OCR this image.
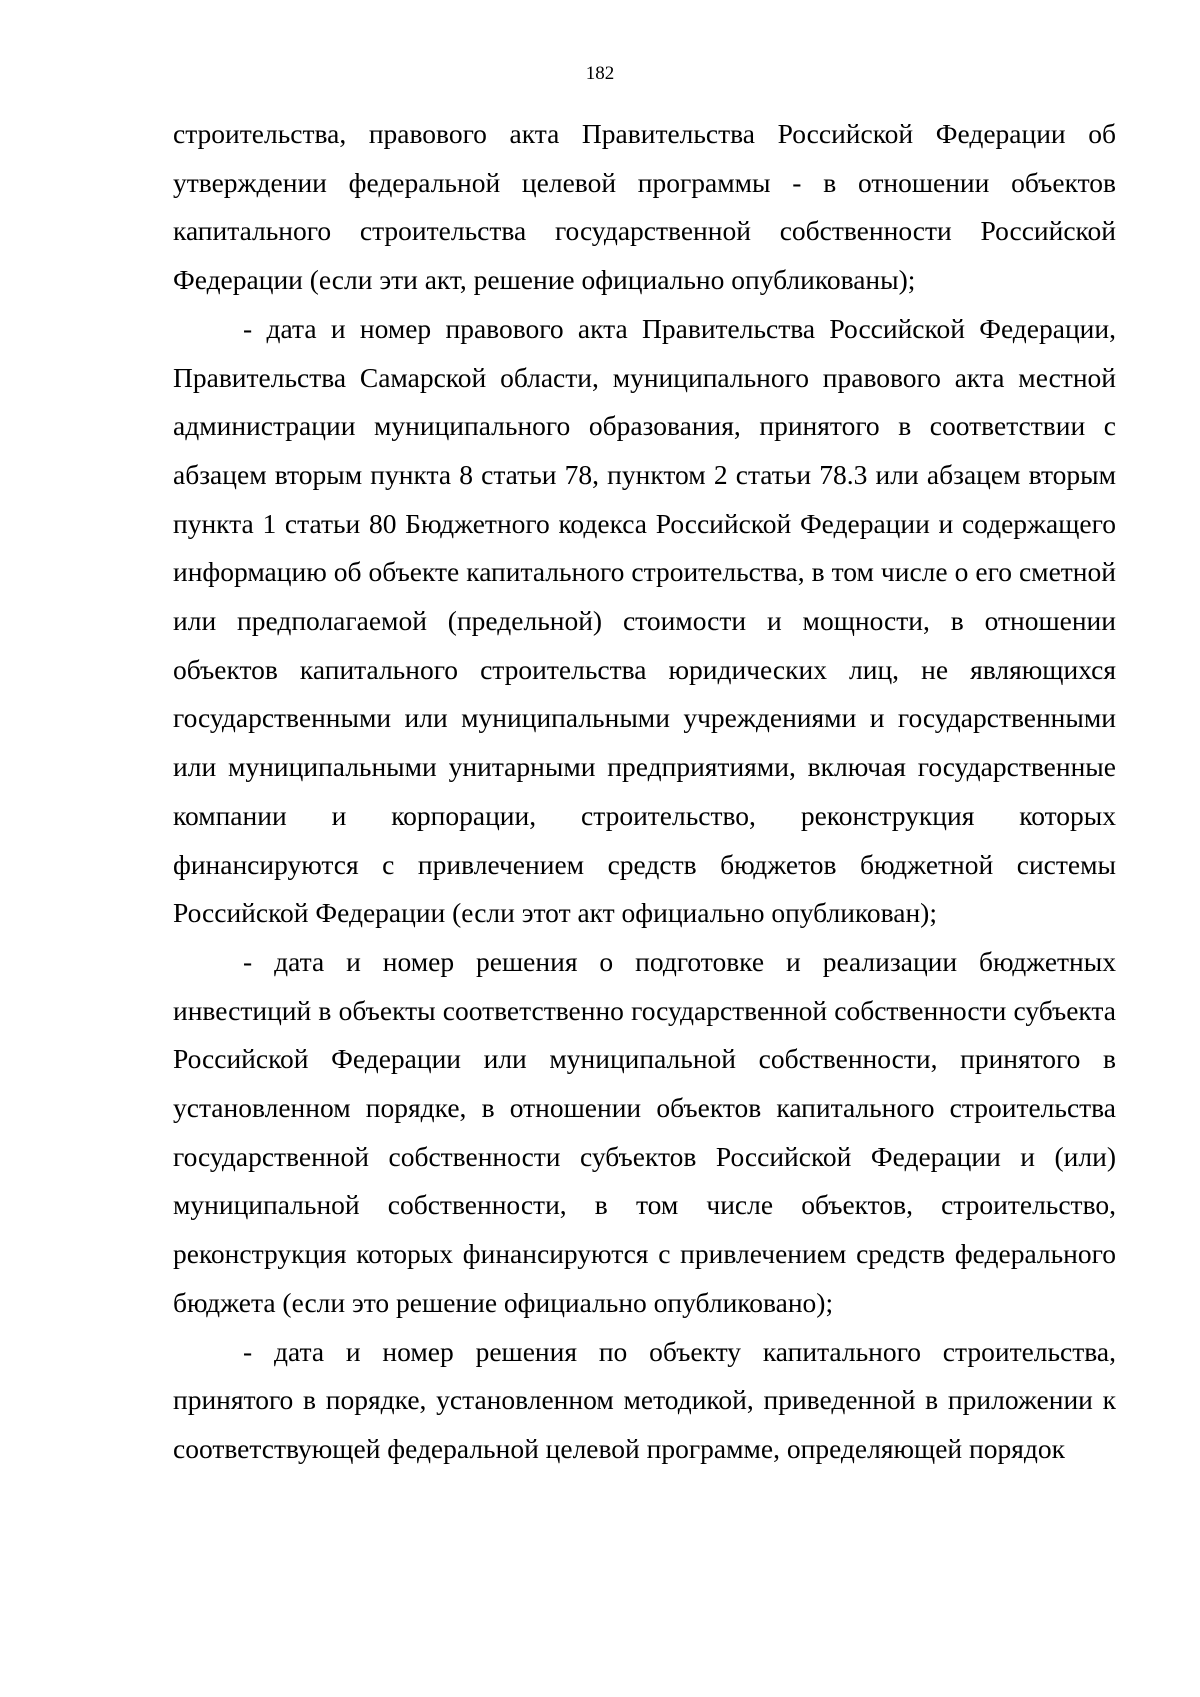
182

строительства, правового акта Правительства Российской Федерации об утверждении федеральной целевой программы - в отношении объектов капитального строительства государственной собственности Российской Федерации (если эти акт, решение официально опубликованы);

- дата и номер правового акта Правительства Российской Федерации, Правительства Самарской области, муниципального правового акта местной администрации муниципального образования, принятого в соответствии с абзацем вторым пункта 8 статьи 78, пунктом 2 статьи 78.3 или абзацем вторым пункта 1 статьи 80 Бюджетного кодекса Российской Федерации и содержащего информацию об объекте капитального строительства, в том числе о его сметной или предполагаемой (предельной) стоимости и мощности, в отношении объектов капитального строительства юридических лиц, не являющихся государственными или муниципальными учреждениями и государственными или муниципальными унитарными предприятиями, включая государственные компании и корпорации, строительство, реконструкция которых финансируются с привлечением средств бюджетов бюджетной системы Российской Федерации (если этот акт официально опубликован);

- дата и номер решения о подготовке и реализации бюджетных инвестиций в объекты соответственно государственной собственности субъекта Российской Федерации или муниципальной собственности, принятого в установленном порядке, в отношении объектов капитального строительства государственной собственности субъектов Российской Федерации и (или) муниципальной собственности, в том числе объектов, строительство, реконструкция которых финансируются с привлечением средств федерального бюджета (если это решение официально опубликовано);

- дата и номер решения по объекту капитального строительства, принятого в порядке, установленном методикой, приведенной в приложении к соответствующей федеральной целевой программе, определяющей порядок
